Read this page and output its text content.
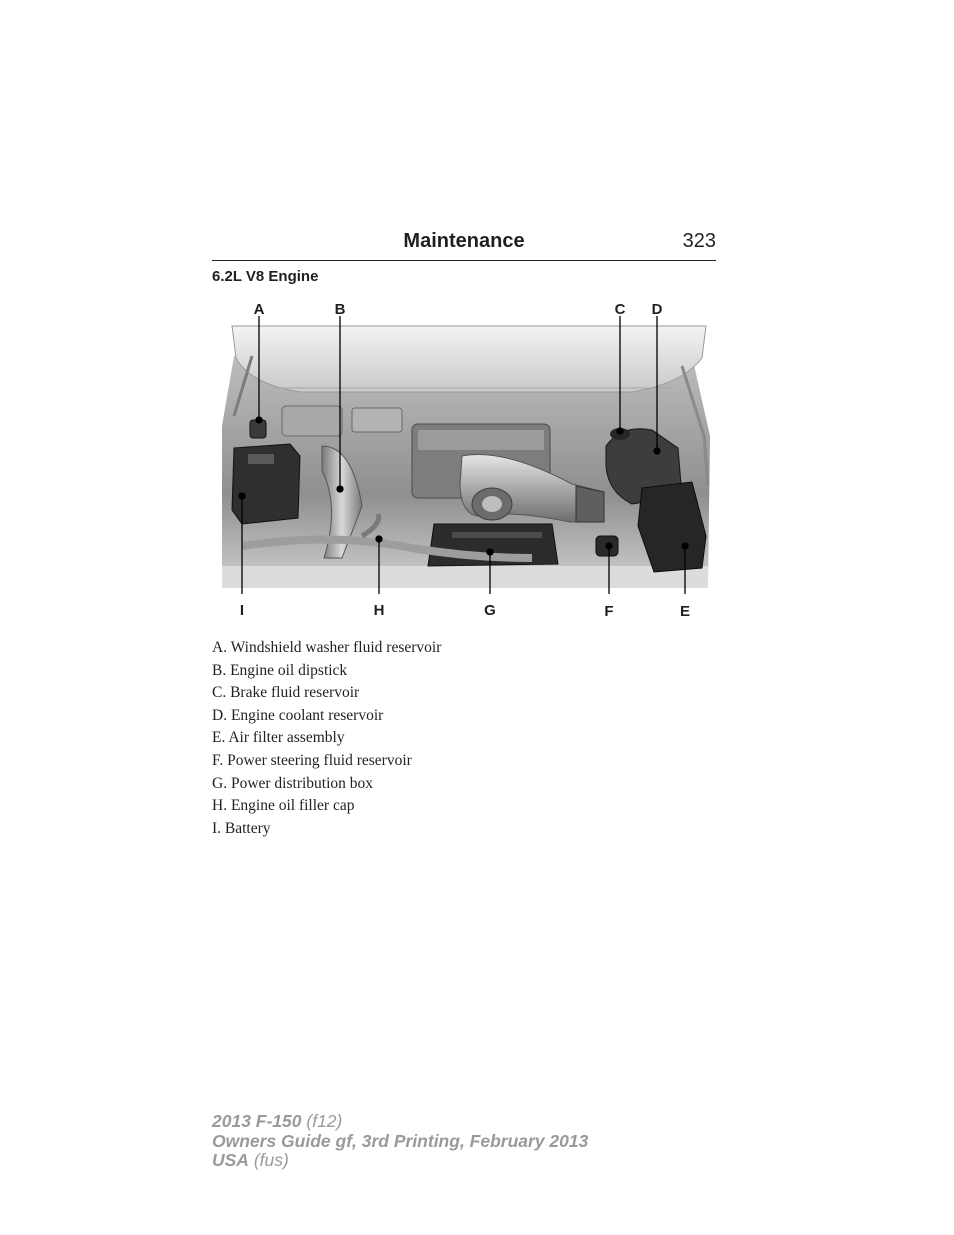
Maintenance	323
6.2L V8 Engine
A	B	C D
I	H	G	F	E
A. Windshield washer fluid reservoir
B. Engine oil dipstick
C. Brake fluid reservoir
D. Engine coolant reservoir
E. Air filter assembly
F. Power steering fluid reservoir
G. Power distribution box
H. Engine oil filler cap
I. Battery
2013 F-150 (f12)
Owners Guide gf, 3rd Printing, February 2013
USA (fus)
